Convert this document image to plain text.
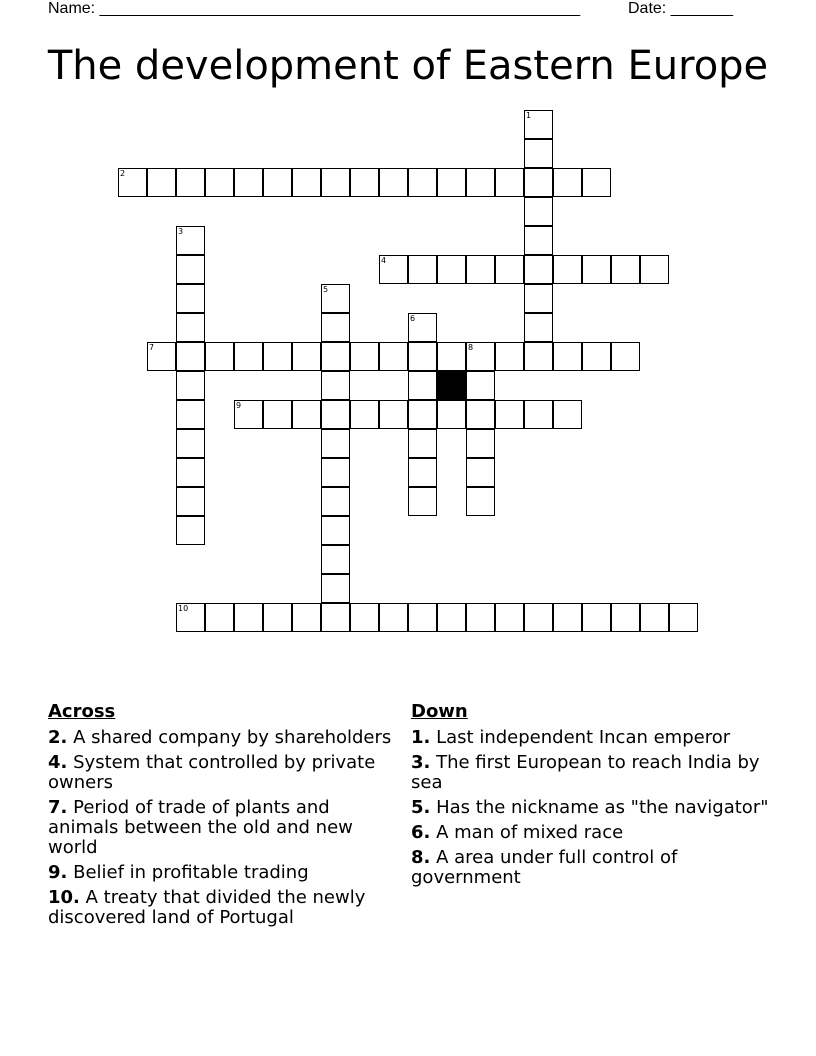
Name: ______________________________________________________	Date: _______
The development of Eastern Europe
1
2
3
4
5
6
7	8
9
10
Across
2. A shared company by shareholders
4. System that controlled by private owners
7. Period of trade of plants and animals between the old and new world
9. Belief in profitable trading
10. A treaty that divided the newly discovered land of Portugal
Down
1. Last independent Incan emperor
3. The first European to reach India by sea
5. Has the nickname as "the navigator"
6. A man of mixed race
8. A area under full control of government
